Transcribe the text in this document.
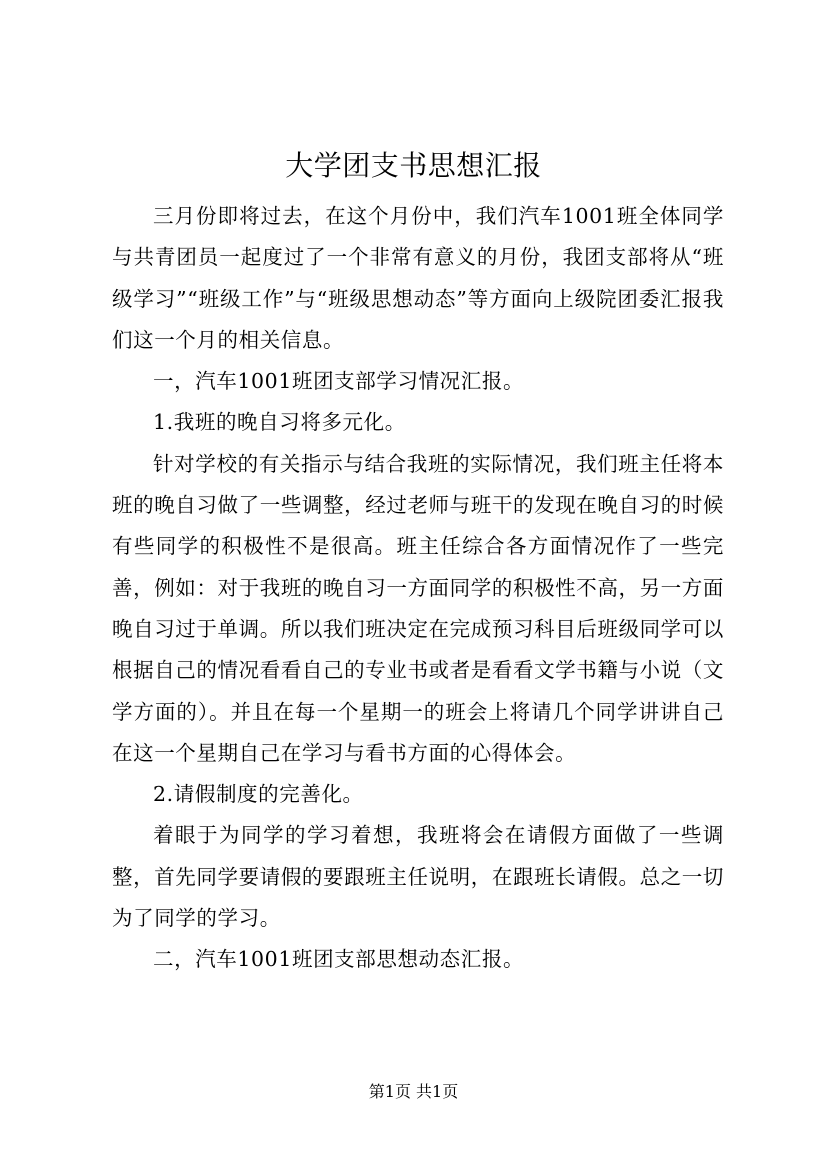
大学团支书思想汇报

三月份即将过去，在这个月份中，我们汽车1001班全体同学与共青团员一起度过了一个非常有意义的月份，我团支部将从“班级学习”“班级工作”与“班级思想动态”等方面向上级院团委汇报我们这一个月的相关信息。

一，汽车1001班团支部学习情况汇报。

1.我班的晚自习将多元化。

针对学校的有关指示与结合我班的实际情况，我们班主任将本班的晚自习做了一些调整，经过老师与班干的发现在晚自习的时候有些同学的积极性不是很高。班主任综合各方面情况作了一些完善，例如：对于我班的晚自习一方面同学的积极性不高，另一方面晚自习过于单调。所以我们班决定在完成预习科目后班级同学可以根据自己的情况看看自己的专业书或者是看看文学书籍与小说（文学方面的）。并且在每一个星期一的班会上将请几个同学讲讲自己在这一个星期自己在学习与看书方面的心得体会。

2.请假制度的完善化。

着眼于为同学的学习着想，我班将会在请假方面做了一些调整，首先同学要请假的要跟班主任说明，在跟班长请假。总之一切为了同学的学习。

二，汽车1001班团支部思想动态汇报。

第1页 共1页
